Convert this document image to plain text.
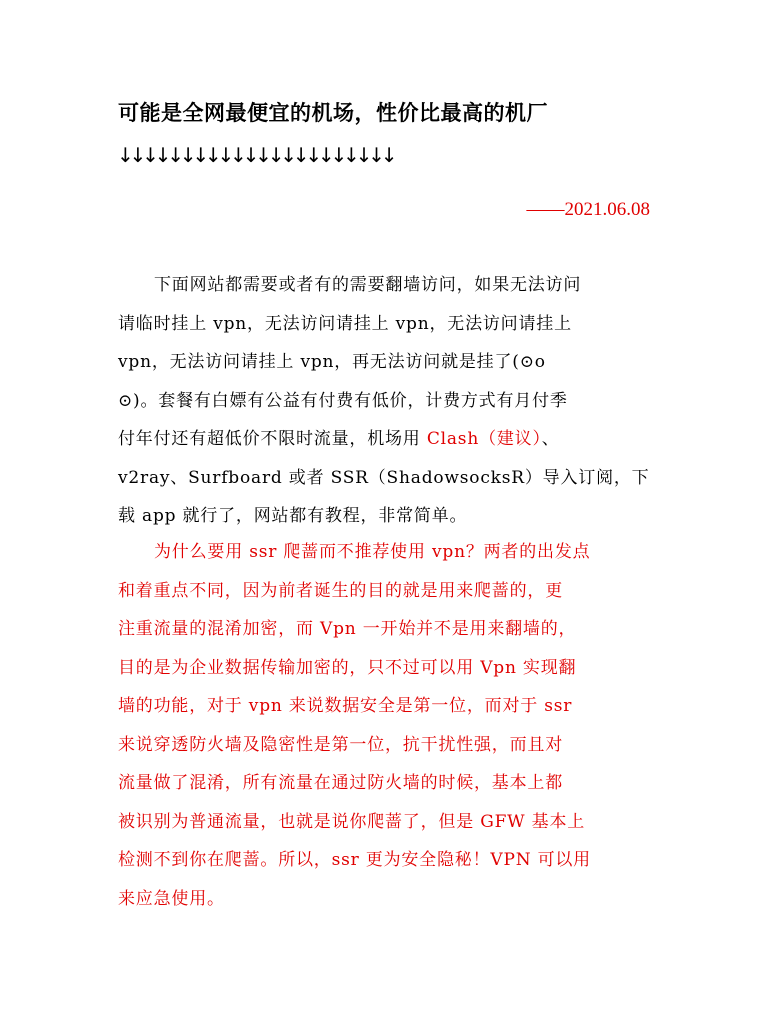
可能是全网最便宜的机场，性价比最高的机厂
↓↓↓↓↓↓↓↓↓↓↓↓↓↓↓↓↓↓↓↓↓↓
——2021.06.08
下面网站都需要或者有的需要翻墙访问，如果无法访问
请临时挂上 vpn，无法访问请挂上 vpn，无法访问请挂上
vpn，无法访问请挂上 vpn，再无法访问就是挂了(⊙o
⊙)。套餐有白嫖有公益有付费有低价，计费方式有月付季
付年付还有超低价不限时流量，机场用 Clash（建议）、
v2ray、Surfboard 或者 SSR（ShadowsocksR）导入订阅，下
载 app 就行了，网站都有教程，非常简单。
为什么要用 ssr 爬蔷而不推荐使用 vpn？两者的出发点
和着重点不同，因为前者诞生的目的就是用来爬蔷的，更
注重流量的混淆加密，而 Vpn 一开始并不是用来翻墙的，
目的是为企业数据传输加密的，只不过可以用 Vpn 实现翻
墙的功能，对于 vpn 来说数据安全是第一位，而对于 ssr
来说穿透防火墙及隐密性是第一位，抗干扰性强，而且对
流量做了混淆，所有流量在通过防火墙的时候，基本上都
被识别为普通流量，也就是说你爬蔷了，但是 GFW 基本上
检测不到你在爬蔷。所以，ssr 更为安全隐秘！VPN 可以用
来应急使用。
